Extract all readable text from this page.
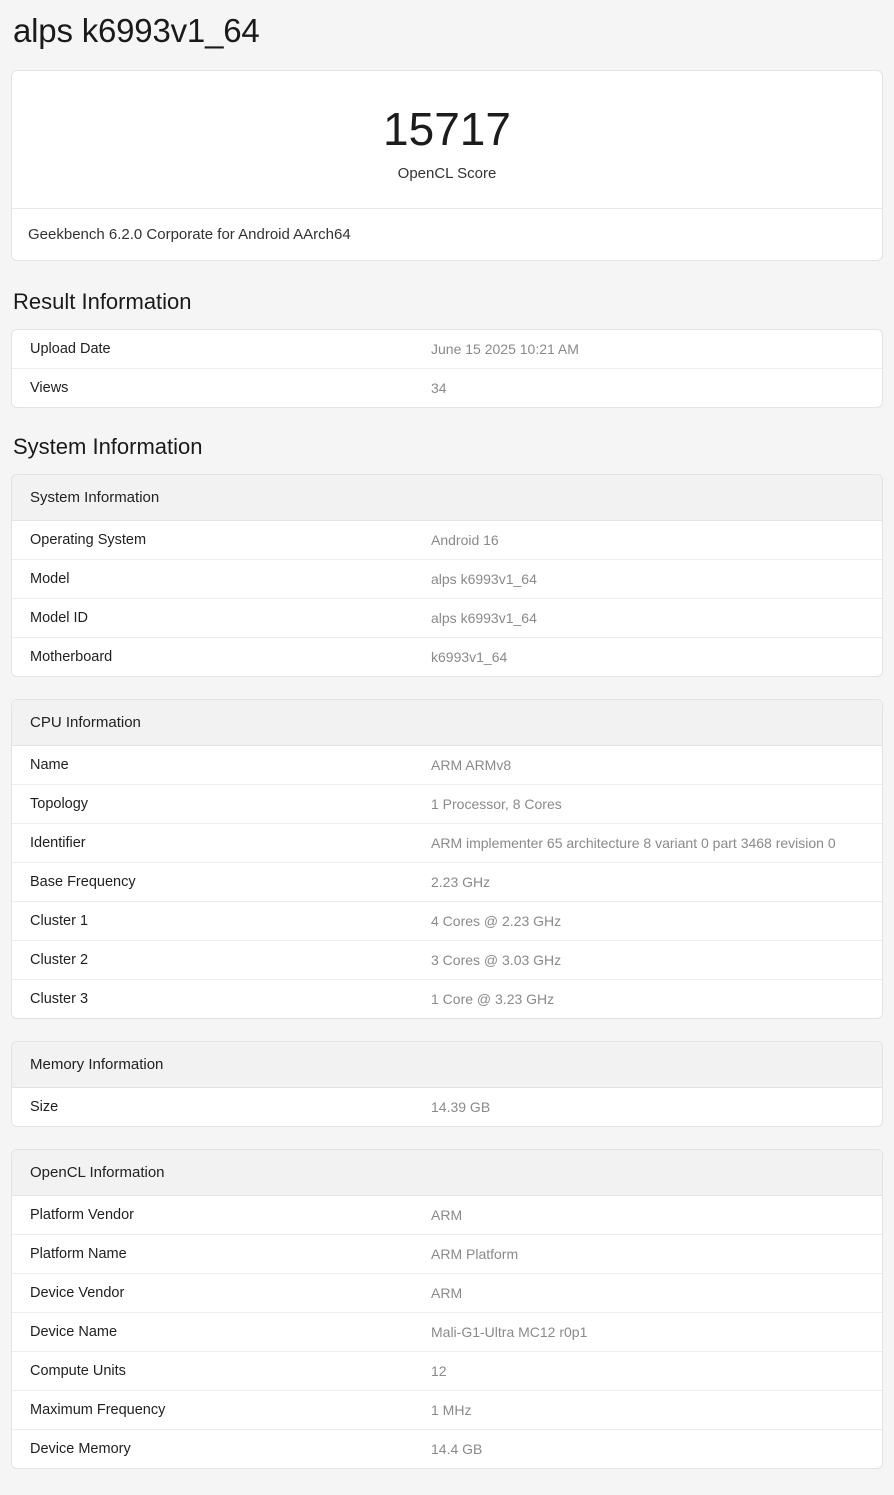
alps k6993v1_64
15717
OpenCL Score
Geekbench 6.2.0 Corporate for Android AArch64
Result Information
Upload Date	June 15 2025 10:21 AM
Views	34
System Information
System Information	
Operating System	Android 16
Model	alps k6993v1_64
Model ID	alps k6993v1_64
Motherboard	k6993v1_64
CPU Information	
Name	ARM ARMv8
Topology	1 Processor, 8 Cores
Identifier	ARM implementer 65 architecture 8 variant 0 part 3468 revision 0
Base Frequency	2.23 GHz
Cluster 1	4 Cores @ 2.23 GHz
Cluster 2	3 Cores @ 3.03 GHz
Cluster 3	1 Core @ 3.23 GHz
Memory Information
Size	14.39 GB
OpenCL Information	
Platform Vendor	ARM
Platform Name	ARM Platform
Device Vendor	ARM
Device Name	Mali-G1-Ultra MC12 r0p1
Compute Units	12
Maximum Frequency	1 MHz
Device Memory	14.4 GB
